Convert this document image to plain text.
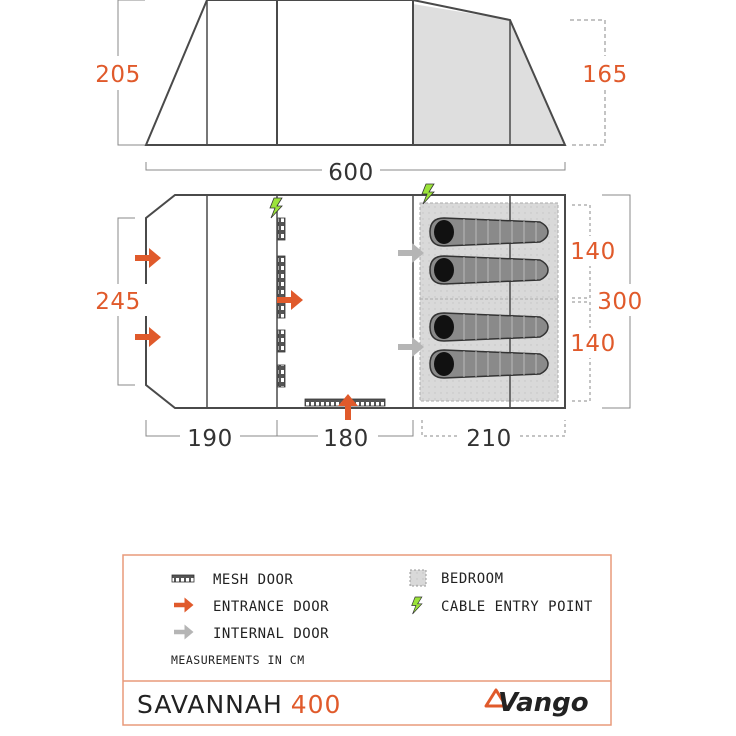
205	165
600
245
140
140
300
190	180	210
MESH DOOR
ENTRANCE DOOR
INTERNAL DOOR
MEASUREMENTS IN CM
BEDROOM
CABLE ENTRY POINT
SAVANNAH 400	Vango
